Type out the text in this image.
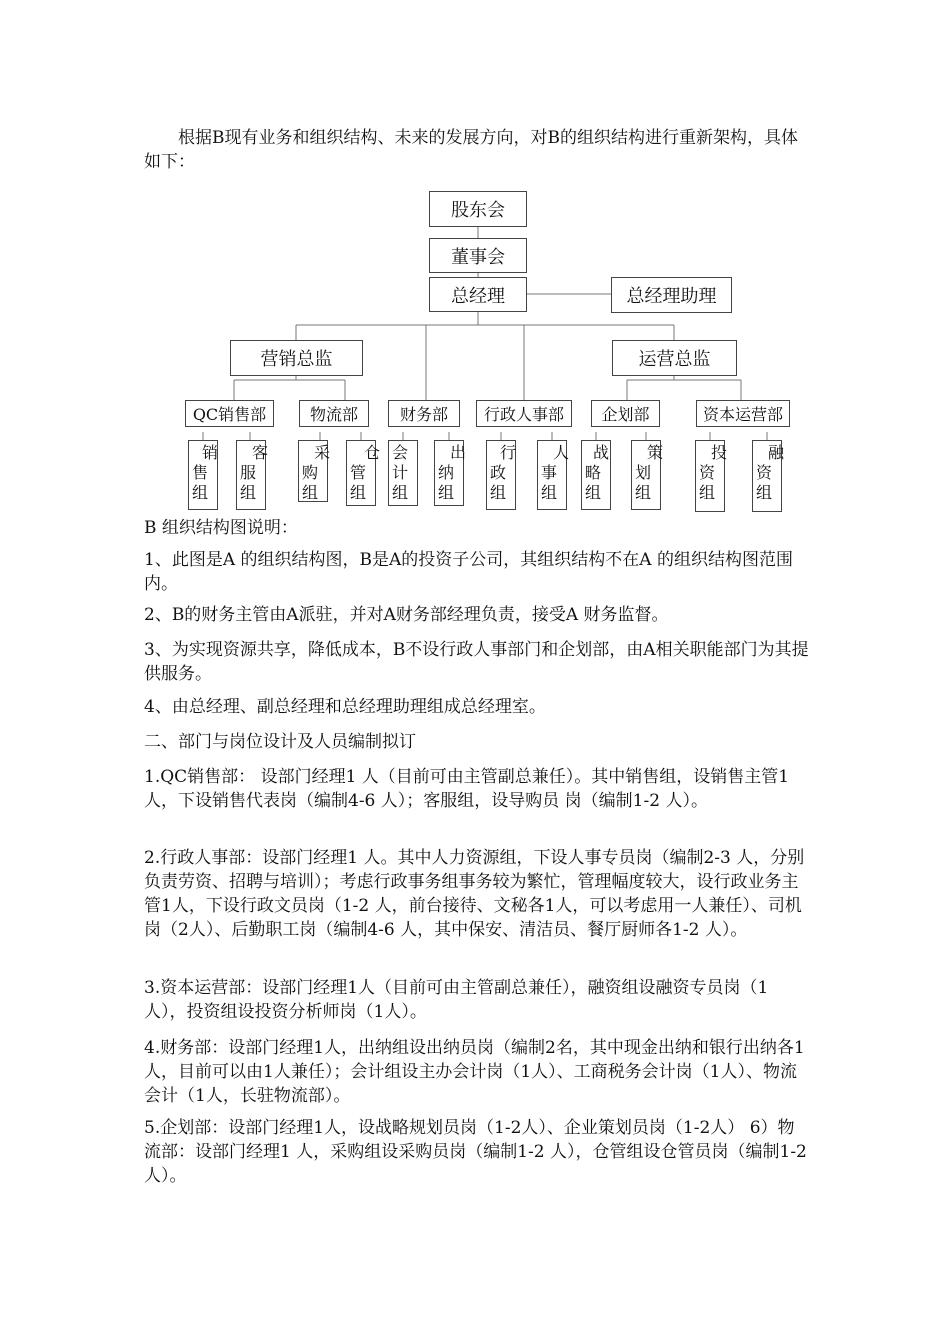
根据B现有业务和组织结构、未来的发展方向，对B的组织结构进行重新架构，具体如下：

股东会
董事会
总经理	总经理助理
营销总监	运营总监
QC销售部	物流部	财务部	行政人事部	企划部	资本运营部
销
售
组
客
服
组
采
购
组
仓
管
组
会
计
组
出
纳
组
行
政
组
人
事
组
战
略
组
策
划
组
投
资
组
融
资
组

B 组织结构图说明：

1、此图是A 的组织结构图，B是A的投资子公司，其组织结构不在A 的组织结构图范围内。

2、B的财务主管由A派驻，并对A财务部经理负责，接受A 财务监督。

3、为实现资源共享，降低成本，B不设行政人事部门和企划部，由A相关职能部门为其提供服务。

4、由总经理、副总经理和总经理助理组成总经理室。

二、部门与岗位设计及人员编制拟订

1.QC销售部： 设部门经理1 人（目前可由主管副总兼任）。其中销售组，设销售主管1 人，下设销售代表岗（编制4-6 人）；客服组，设导购员 岗（编制1-2 人）。

2.行政人事部：设部门经理1 人。其中人力资源组，下设人事专员岗（编制2-3 人，分别负责劳资、招聘与培训）；考虑行政事务组事务较为繁忙，管理幅度较大，设行政业务主管1人，下设行政文员岗（1-2 人，前台接待、文秘各1人，可以考虑用一人兼任）、司机岗（2人）、后勤职工岗（编制4-6 人，其中保安、清洁员、餐厅厨师各1-2 人）。

3.资本运营部：设部门经理1人（目前可由主管副总兼任），融资组设融资专员岗（1人），投资组设投资分析师岗（1人）。

4.财务部：设部门经理1人，出纳组设出纳员岗（编制2名，其中现金出纳和银行出纳各1人，目前可以由1人兼任）；会计组设主办会计岗（1人）、工商税务会计岗（1人）、物流会计（1人，长驻物流部）。

5.企划部：设部门经理1人，设战略规划员岗（1-2人）、企业策划员岗（1-2人） 6）物流部：设部门经理1 人，采购组设采购员岗（编制1-2 人），仓管组设仓管员岗（编制1-2人）。
